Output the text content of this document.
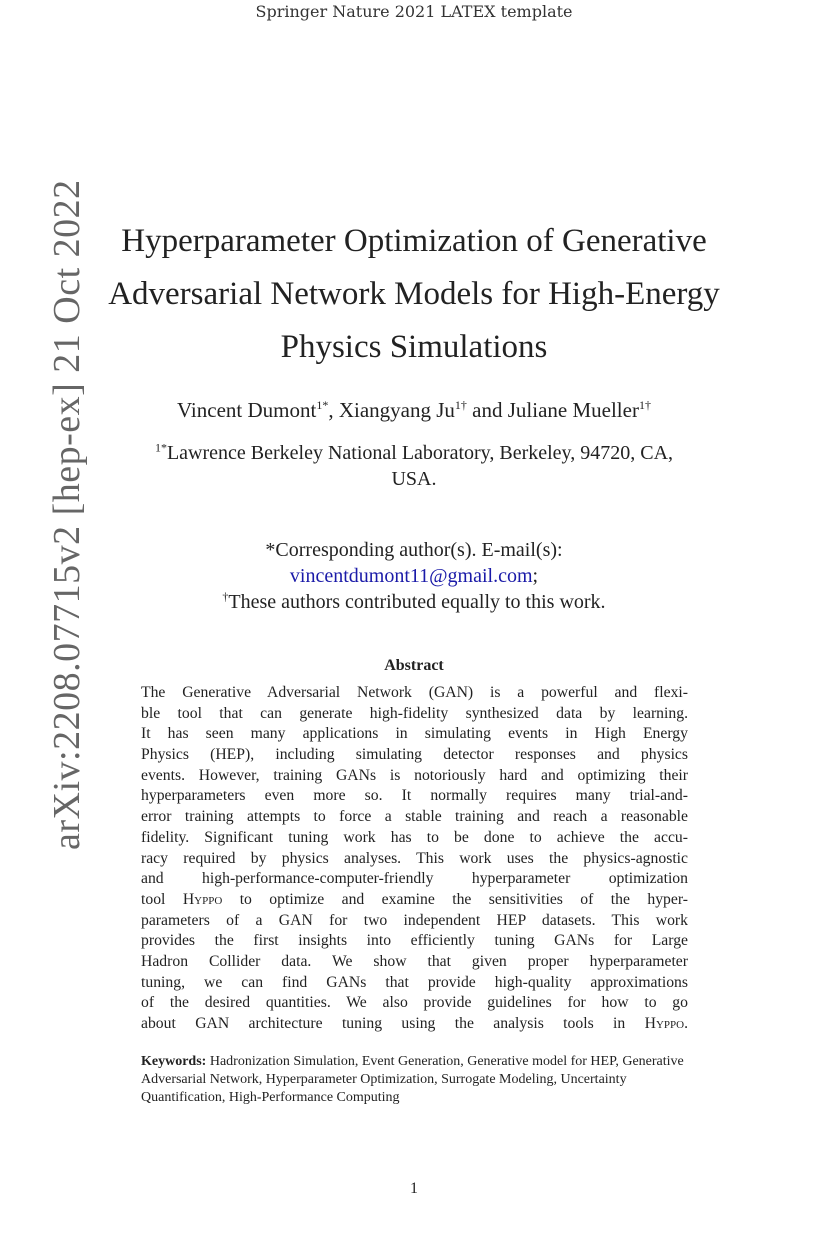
Springer Nature 2021 LATEX template
arXiv:2208.07715v2 [hep-ex] 21 Oct 2022	Hyperparameter Optimization of Generative
Adversarial Network Models for High-Energy
Physics Simulations
Vincent Dumont$^{1*}$, Xiangyang $Ju^{1\dagger}$ and Juliane Mueller$^{1\dagger}$
$^{1*}$Lawrence Berkeley National Laboratory, Berkeley, 94720, CA,
USA.
*Corresponding author(s). E-mail(s):
vincentdumont11@gmail.com;
†These authors contributed equally to this work.
Abstract
The Generative Adversarial Network (GAN) is a powerful and flexi-
ble tool that can generate high-fidelity synthesized data by learning.
It has seen many applications in simulating events in High Energy
Physics (HEP), including simulating detector responses and physics
events. However, training GANs is notoriously hard and optimizing their
hyperparameters even more so. It normally requires many trial-and-
error training attempts to force a stable training and reach a reasonable
fidelity. Significant tuning work has to be done to achieve the accu-
racy required by physics analyses. This work uses the physics-agnostic
and high-performance-computer-friendly hyperparameter optimization
tool Hyppo to optimize and examine the sensitivities of the hyper-
parameters of a GAN for two independent HEP datasets. This work
provides the first insights into efficiently tuning GANs for Large
Hadron Collider data. We show that given proper hyperparameter
tuning, we can find GANs that provide high-quality approximations
of the desired quantities. We also provide guidelines for how to go
about GAN architecture tuning using the analysis tools in Hyppo.
Keywords: Hadronization Simulation, Event Generation, Generative model for HEP, Generative Adversarial Network, Hyperparameter Optimization, Surrogate Modeling, Uncertainty Quantification, High-Performance Computing
1
